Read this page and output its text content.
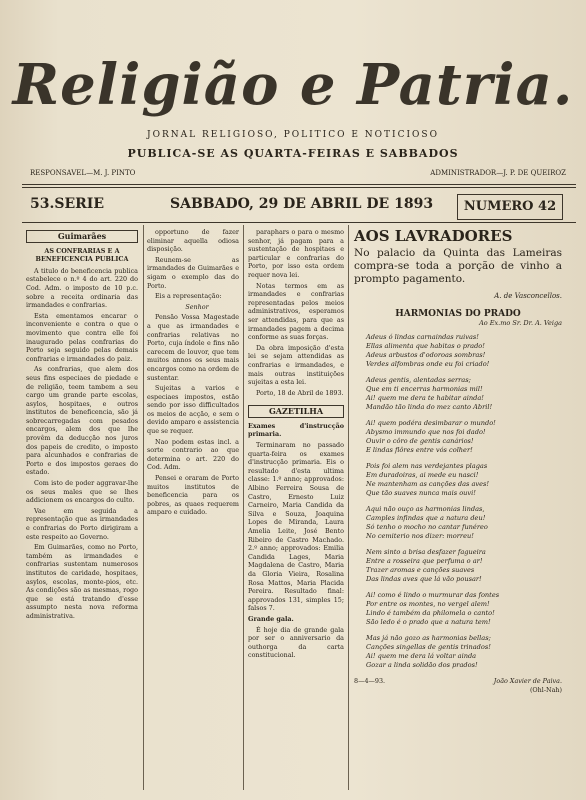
Religião e Patria.
JORNAL RELIGIOSO, POLITICO E NOTICIOSO
PUBLICA-SE AS QUARTA-FEIRAS E SABBADOS
RESPONSAVEL—M. J. PINTO	ADMINISTRADOR—J. P. DE QUEIROZ
53.SERIE	SABBADO, 29 DE ABRIL DE 1893	NUMERO 42
Guimarães
AS CONFRARIAS E A BENEFICENCIA PUBLICA

A titulo do beneficencia publica estabelece o n.º 4 do art. 220 do Cod. Adm. o imposto de 10 p.c. sobre a receita ordinaria das irmandades e confrarias.

Esta ementamos encarar o inconveniente e contra o que o movimento que contra elle foi inaugurado pelas confrarias do Porto seja seguido pelas demais confrarias e irmandades do paiz.

As confrarias, que alem dos seus fins especiaes de piedade e de religião, teem tambem a seu cargo um grande parte escolas, asylos, hospitaes, e outros institutos de beneficencia, são já sobrecarregadas com pesados encargos, alem dos que lhe provêm da deducção nos juros dos papeis de credito, o imposto para alcunhados e confrarias de Porto e dos impostos geraes do estado.

Com isto de poder aggravar-lhe os seus males que se lhes addicionem os encargos do culto.

Vae em seguida a representação que as irmandades e confrarias do Porto dirigiram a este respeito ao Governo.

Em Guimarães, como no Porto, também as irmandades e confrarias sustentam numerosos institutos de caridade, hospitaes, asylos, escolas, monte-pios, etc. As condições são as mesmas, rogo que se está tratando d'esse assumpto nesta nova reforma administrativa.

opportuno de fazer eliminar aquella odiosa disposição.

Reunem-se as irmandades de Guimarães e sigam o exemplo das do Porto.

Eis a representação:

Senhor

Pensão Vossa Magestade a que as irmandades e confrarias relativas no Porto, cuja índole e fins não carecem de louvor, que tem muitos annos os seus mais encargos como na ordem de sustentar.

Sujeitas a varios e especiaes impostos, estão sendo por isso difficultados os meios de acção, e sem o devido amparo e assistencia que se requer.

Nao podem estas incl. a sorte contrario ao que determina o art. 220 do Cod. Adm.

Pensei e oraram de Porto muitos institutos de beneficencia para os pobres, as quaes requerem amparo e cuidado.

paraphars o para o mesmo senhor, já pagam para a sustentação de hospitaes e particular e confrarias do Porto, por isso esta ordem requer nova lei.

Notas termos em as irmandades e confrarias representadas pelos meios administrativos, esperamos ser attendidas, para que as irmandades pagem a decima conforme as suas forças.

Da obra imposição d'esta lei se sejam attendidas as confrarias e irmandades, e mais outras instituições sujeitas a esta lei.

Porto, 18 de Abril de 1893.

GAZETILHA

Exames d'instrucção primaria.

Terminaram no passado quarta-feira os exames d'instrucção primaria. Eis o resultado d'esta ultima classe: 1.º anno; approvados: Albino Ferreira Sousa de Castro, Ernesto Luiz Carneiro, Maria Candida da Silva e Souza, Joaquina Lopes de Miranda, Laura Amelia Leite, José Bento Ribeiro de Castro Machado. 2.º anno; approvados: Emilia Candida Lages, Maria Magdalena de Castro, Maria da Gloria Vieira, Rosalina Rosa Mattos, Maria Placida Pereira. Resultado final: approvados 131, simples 15; falsos 7.

Grande gala.

É hoje dia de grande gala por ser o anniversario da outhorga da carta constitucional.

AOS LAVRADORES
No palacio da Quinta das Lameiras compra-se toda a porção de vinho a prompto pagamento.
A. de Vasconcellos.
HARMONIAS DO PRADO
Ao Ex.mo Sr. Dr. A. Veiga
Adeus ó lindas carnaindas ruivas!
Ellas alimenta que habitas o prado!
Adeus arbustos d'odoroas sombras!
Verdes alfombras onde eu foi criado!
Adeus gentis, alentadas serras;
Que em ti encerras harmonias mil!
Ai! quem me dera te habitar ainda!
Mandão tão linda do mez canto Abril!
Ai! quem podéra desimbarar o mundo!
Abysmo immundo que nos foi dado!
Ouvir o côro de gentis canários!
E lindas flôres entre vós colher!
Pois foi alem nas verdejantes plagas
Em duradoiras, ai mede eu nasci!
Ne mantenham as canções das aves!
Que tão suaves nunca mais ouvi!
Aqui não ouço as harmonias lindas,
Camples infindas que a natura deu!
Só tenho o mocho no cantar funéreo
No cemiterio nos dizer: morreu!
Nem sinto a brisa desfazer fagueira
Entre a rosseira que perfuma o ar!
Trazer aromas e canções suaves
Das lindas aves que lá vão pousar!
Ai! como é lindo o murmurar das fontes
Por entre os montes, no vergel alem!
Lindo é também da philomela o canto!
São ledo é o prado que a natura tem!
Mas já não gozo as harmonias bellas;
Canções singellas de gentis trinados!
Ai! quem me dera lá voltar ainda
Gozar a linda solidão dos prados!
8—4—93.	João Xavier de Paiva.
(Ohl-Nah)
